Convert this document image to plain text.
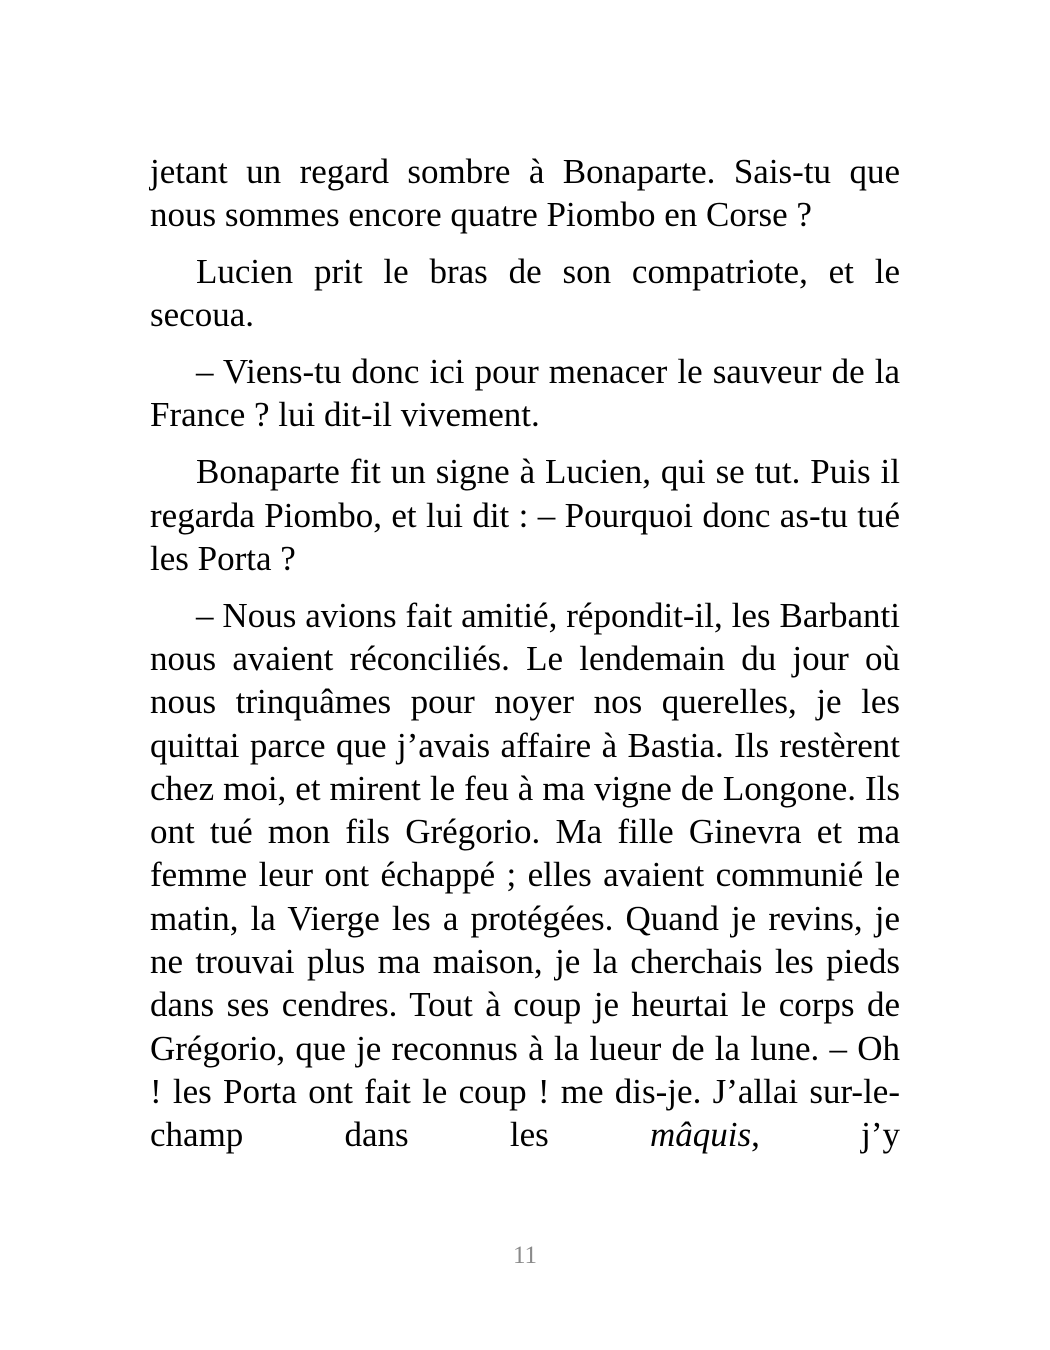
jetant un regard sombre à Bonaparte. Sais-tu que nous sommes encore quatre Piombo en Corse ?

Lucien prit le bras de son compatriote, et le secoua.

– Viens-tu donc ici pour menacer le sauveur de la France ? lui dit-il vivement.

Bonaparte fit un signe à Lucien, qui se tut. Puis il regarda Piombo, et lui dit : – Pourquoi donc as-tu tué les Porta ?

– Nous avions fait amitié, répondit-il, les Barbanti nous avaient réconciliés. Le lendemain du jour où nous trinquâmes pour noyer nos querelles, je les quittai parce que j’avais affaire à Bastia. Ils restèrent chez moi, et mirent le feu à ma vigne de Longone. Ils ont tué mon fils Grégorio. Ma fille Ginevra et ma femme leur ont échappé ; elles avaient communié le matin, la Vierge les a protégées. Quand je revins, je ne trouvai plus ma maison, je la cherchais les pieds dans ses cendres. Tout à coup je heurtai le corps de Grégorio, que je reconnus à la lueur de la lune. – Oh ! les Porta ont fait le coup ! me dis-je. J’allai sur-le-champ dans les mâquis, j’y

11
